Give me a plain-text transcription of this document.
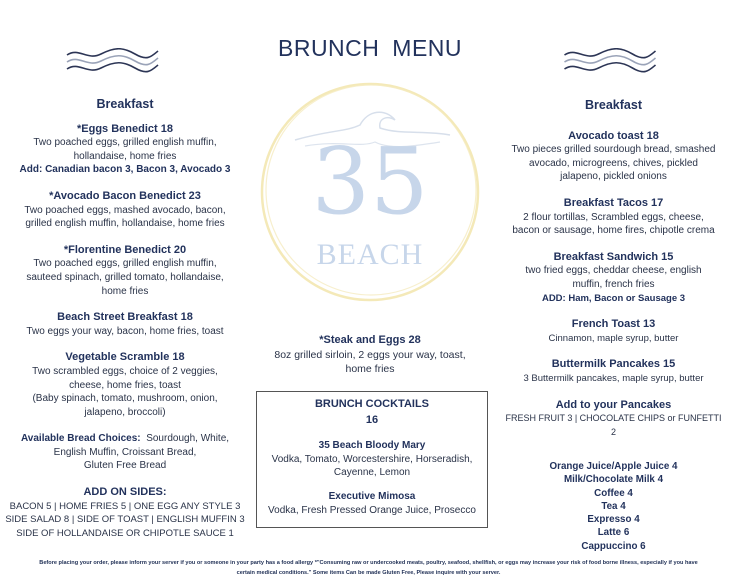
BRUNCH MENU
35
BEACH
Breakfast
*Eggs Benedict 18
Two poached eggs, grilled english muffin,
hollandaise, home fries
Add: Canadian bacon 3, Bacon 3, Avocado 3
*Avocado Bacon Benedict 23
Two poached eggs, mashed avocado, bacon,
grilled english muffin, hollandaise, home fries
*Florentine Benedict 20
Two poached eggs, grilled english muffin,
sauteed spinach, grilled tomato, hollandaise,
home fries
Beach Street Breakfast 18
Two eggs your way, bacon, home fries, toast
Vegetable Scramble 18
Two scrambled eggs, choice of 2 veggies,
cheese, home fries, toast
(Baby spinach, tomato, mushroom, onion,
jalapeno, broccoli)
Available Bread Choices: Sourdough, White,
English Muffin, Croissant Bread,
Gluten Free Bread
ADD ON SIDES:
BACON 5 | HOME FRIES 5 | ONE EGG ANY STYLE 3
SIDE SALAD 8 | SIDE OF TOAST | ENGLISH MUFFIN 3
SIDE OF HOLLANDAISE OR CHIPOTLE SAUCE 1
*Steak and Eggs 28
8oz grilled sirloin, 2 eggs your way, toast,
home fries
BRUNCH COCKTAILS
16
35 Beach Bloody Mary
Vodka, Tomato, Worcestershire, Horseradish,
Cayenne, Lemon
Executive Mimosa
Vodka, Fresh Pressed Orange Juice, Prosecco
Breakfast
Avocado toast 18
Two pieces grilled sourdough bread, smashed
avocado, microgreens, chives, pickled
jalapeno, pickled onions
Breakfast Tacos 17
2 flour tortillas, Scrambled eggs, cheese,
bacon or sausage, home fires, chipotle crema
Breakfast Sandwich 15
two fried eggs, cheddar cheese, english
muffin, french fries
ADD: Ham, Bacon or Sausage 3
French Toast 13
Cinnamon, maple syrup, butter
Buttermilk Pancakes 15
3 Buttermilk pancakes, maple syrup, butter
Add to your Pancakes
FRESH FRUIT 3 | CHOCOLATE CHIPS or FUNFETTI
2
Orange Juice/Apple Juice 4
Milk/Chocolate Milk 4
Coffee 4
Tea 4
Expresso 4
Latte 6
Cappuccino 6
Before placing your order, please inform your server if you or someone in your party has a food allergy *"Consuming raw or undercooked meats, poultry, seafood, shellfish, or eggs may increase your risk of food borne illness, especially if you have
certain medical conditions." Some items Can be made Gluten Free, Please inquire with your server.
